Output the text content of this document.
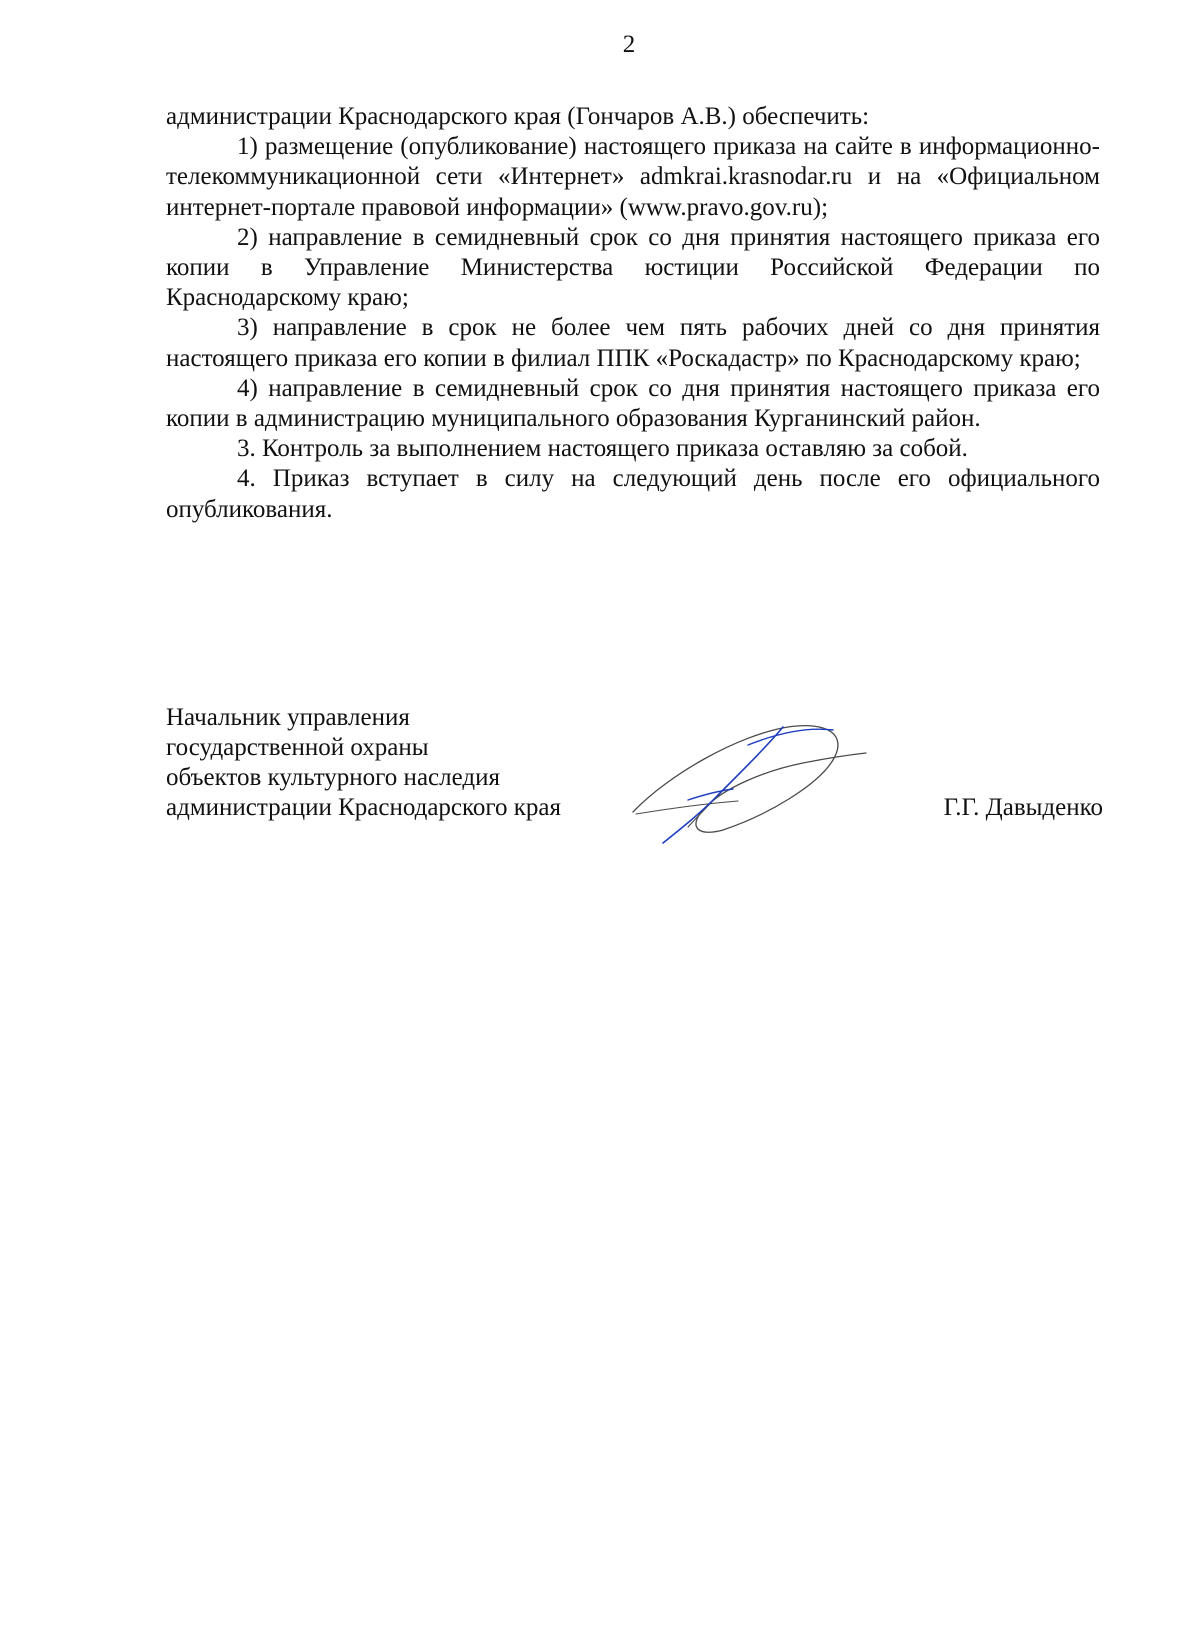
2

администрации Краснодарского края (Гончаров А.В.) обеспечить:

1) размещение (опубликование) настоящего приказа на сайте в информационно-телекоммуникационной сети «Интернет» admkrai.krasnodar.ru и на «Официальном интернет-портале правовой информации» (www.pravo.gov.ru);

2) направление в семидневный срок со дня принятия настоящего приказа его копии в Управление Министерства юстиции Российской Федерации по Краснодарскому краю;

3) направление в срок не более чем пять рабочих дней со дня принятия настоящего приказа его копии в филиал ППК «Роскадастр» по Краснодарскому краю;

4) направление в семидневный срок со дня принятия настоящего приказа его копии в администрацию муниципального образования Курганинский район.

3. Контроль за выполнением настоящего приказа оставляю за собой.

4. Приказ вступает в силу на следующий день после его официального опубликования.

Начальник управления
государственной охраны
объектов культурного наследия
администрации Краснодарского края	Г.Г. Давыденко
